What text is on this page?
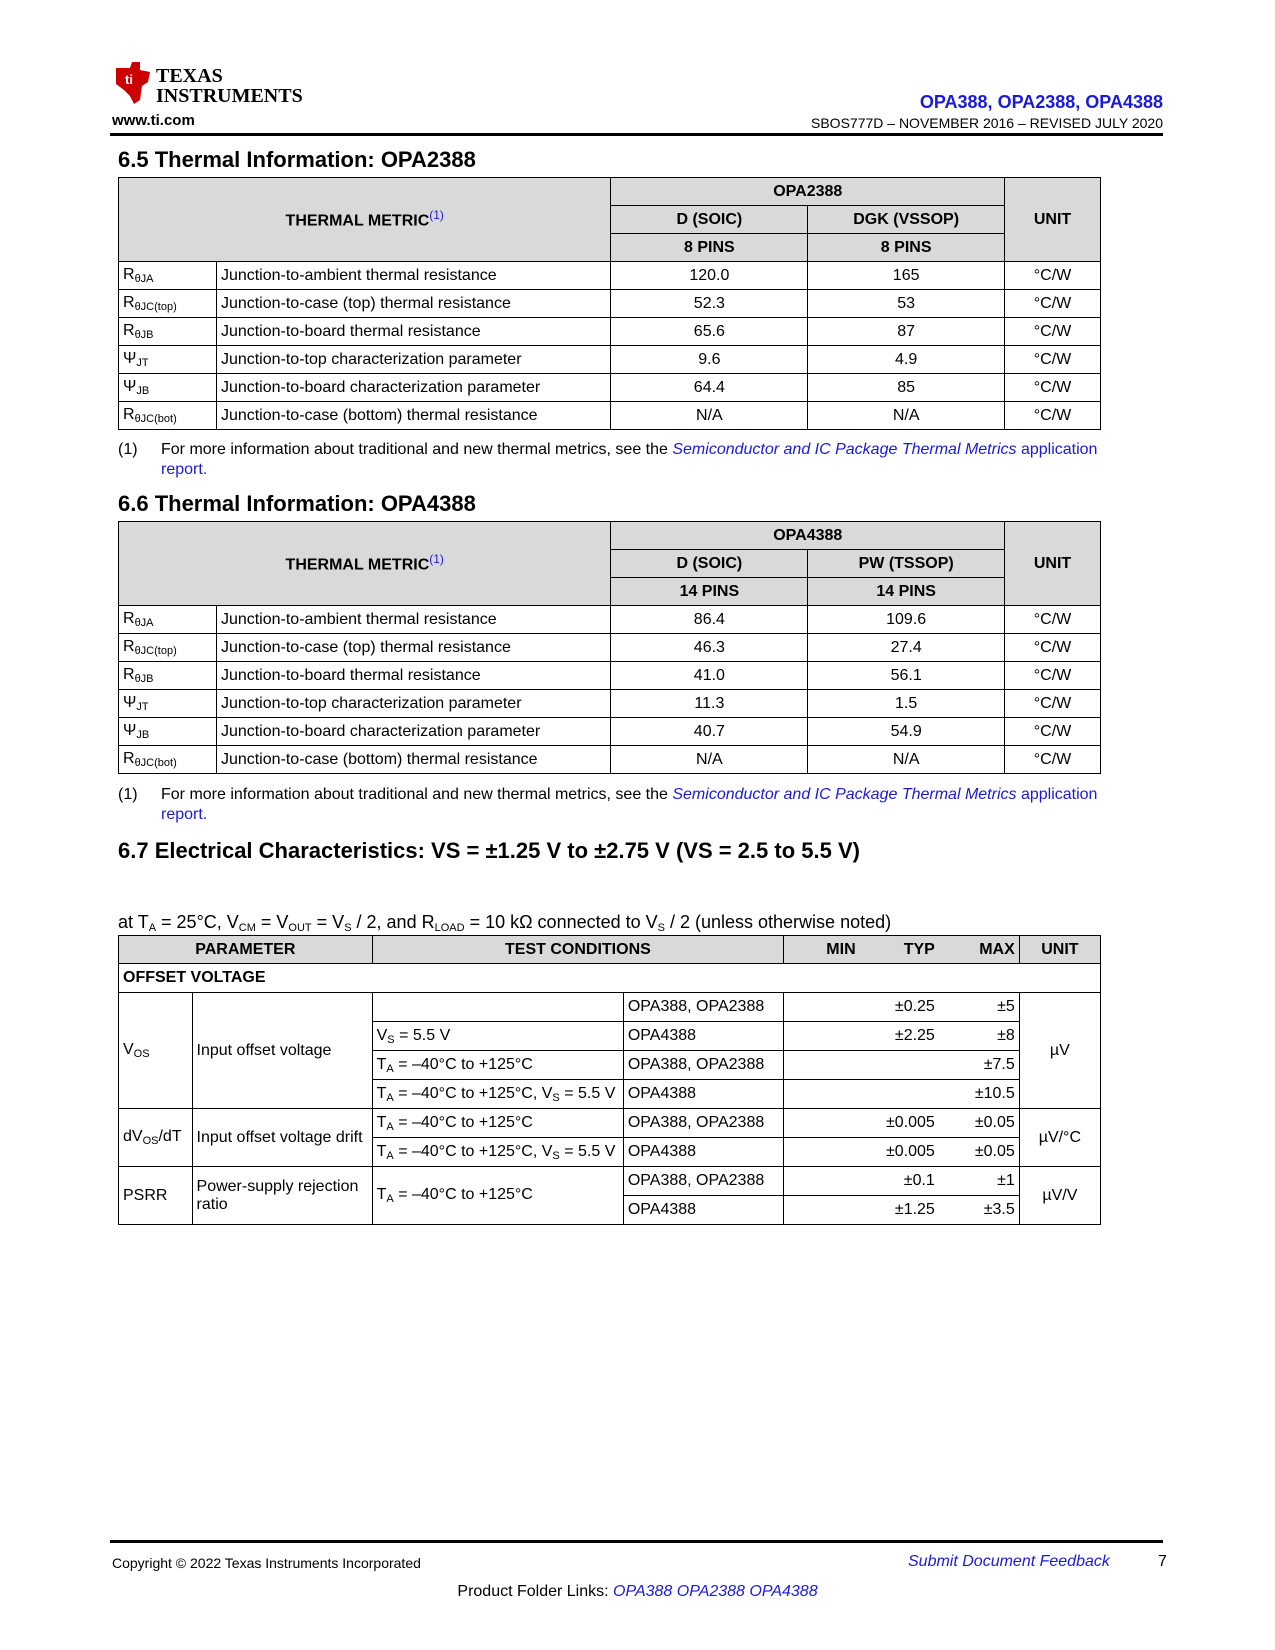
ti TEXAS
INSTRUMENTS
www.ti.com
OPA388, OPA2388, OPA4388
SBOS777D – NOVEMBER 2016 – REVISED JULY 2020
6.5 Thermal Information: OPA2388
THERMAL METRIC$^{(1)}$		OPA2388		UNIT
		D (SOIC)	DGK (VSSOP)	
		8 PINS	8 PINS	
$R_{\theta JA}$	Junction-to-ambient thermal resistance	120.0	165	°C/W
$R_{\theta JC(top)}$	Junction-to-case (top) thermal resistance	52.3	53	°C/W
$R_{\theta JB}$	Junction-to-board thermal resistance	65.6	87	°C/W
$\Psi_{JT}$	Junction-to-top characterization parameter	9.6	4.9	°C/W
$\Psi_{JB}$	Junction-to-board characterization parameter	64.4	85	°C/W
$R_{\theta JC(bot)}$	Junction-to-case (bottom) thermal resistance	N/A	N/A	°C/W
(1) For more information about traditional and new thermal metrics, see the Semiconductor and IC Package Thermal Metrics application report.
6.6 Thermal Information: OPA4388
THERMAL METRIC$^{(1)}$		OPA4388		UNIT
		D (SOIC)	PW (TSSOP)	
		14 PINS	14 PINS	
$R_{\theta JA}$	Junction-to-ambient thermal resistance	86.4	109.6	°C/W
$R_{\theta JC(top)}$	Junction-to-case (top) thermal resistance	46.3	27.4	°C/W
$R_{\theta JB}$	Junction-to-board thermal resistance	41.0	56.1	°C/W
$\Psi_{JT}$	Junction-to-top characterization parameter	11.3	1.5	°C/W
$\Psi_{JB}$	Junction-to-board characterization parameter	40.7	54.9	°C/W
$R_{\theta JC(bot)}$	Junction-to-case (bottom) thermal resistance	N/A	N/A	°C/W
(1) For more information about traditional and new thermal metrics, see the Semiconductor and IC Package Thermal Metrics application report.
6.7 Electrical Characteristics: VS = ±1.25 V to ±2.75 V (VS = 2.5 to 5.5 V)
at $T_A = 25^\circ C$, $V_{CM} = V_{OUT} = V_S / 2$, and $R_{LOAD} = 10$ kΩ connected to $V_S / 2$ (unless otherwise noted)
PARAMETER		TEST CONDITIONS		MIN	TYP	MAX	UNIT
OFFSET VOLTAGE							
$V_{OS}$	Input offset voltage		OPA388, OPA2388		±0.25	±5	µV
		$V_S = 5.5$ V	OPA4388		±2.25	±8	
		$T_A = -40^\circ C$ to +125°C	OPA388, OPA2388			±7.5	
		$T_A = -40^\circ C$ to +125°C, $V_S = 5.5$ V	OPA4388			±10.5	
$dV_{OS}/dT$	Input offset voltage drift	$T_A = -40^\circ C$ to +125°C	OPA388, OPA2388		±0.005	±0.05	µV/°C
		$T_A = -40^\circ C$ to +125°C, $V_S = 5.5$ V	OPA4388		±0.005	±0.05	
PSRR	Power-supply rejection ratio	$T_A = -40^\circ C$ to +125°C	OPA388, OPA2388		±0.1	±1	µV/V
			OPA4388		±1.25	±3.5	
Copyright © 2022 Texas Instruments Incorporated	Submit Document Feedback	7
Product Folder Links: OPA388 OPA2388 OPA4388
